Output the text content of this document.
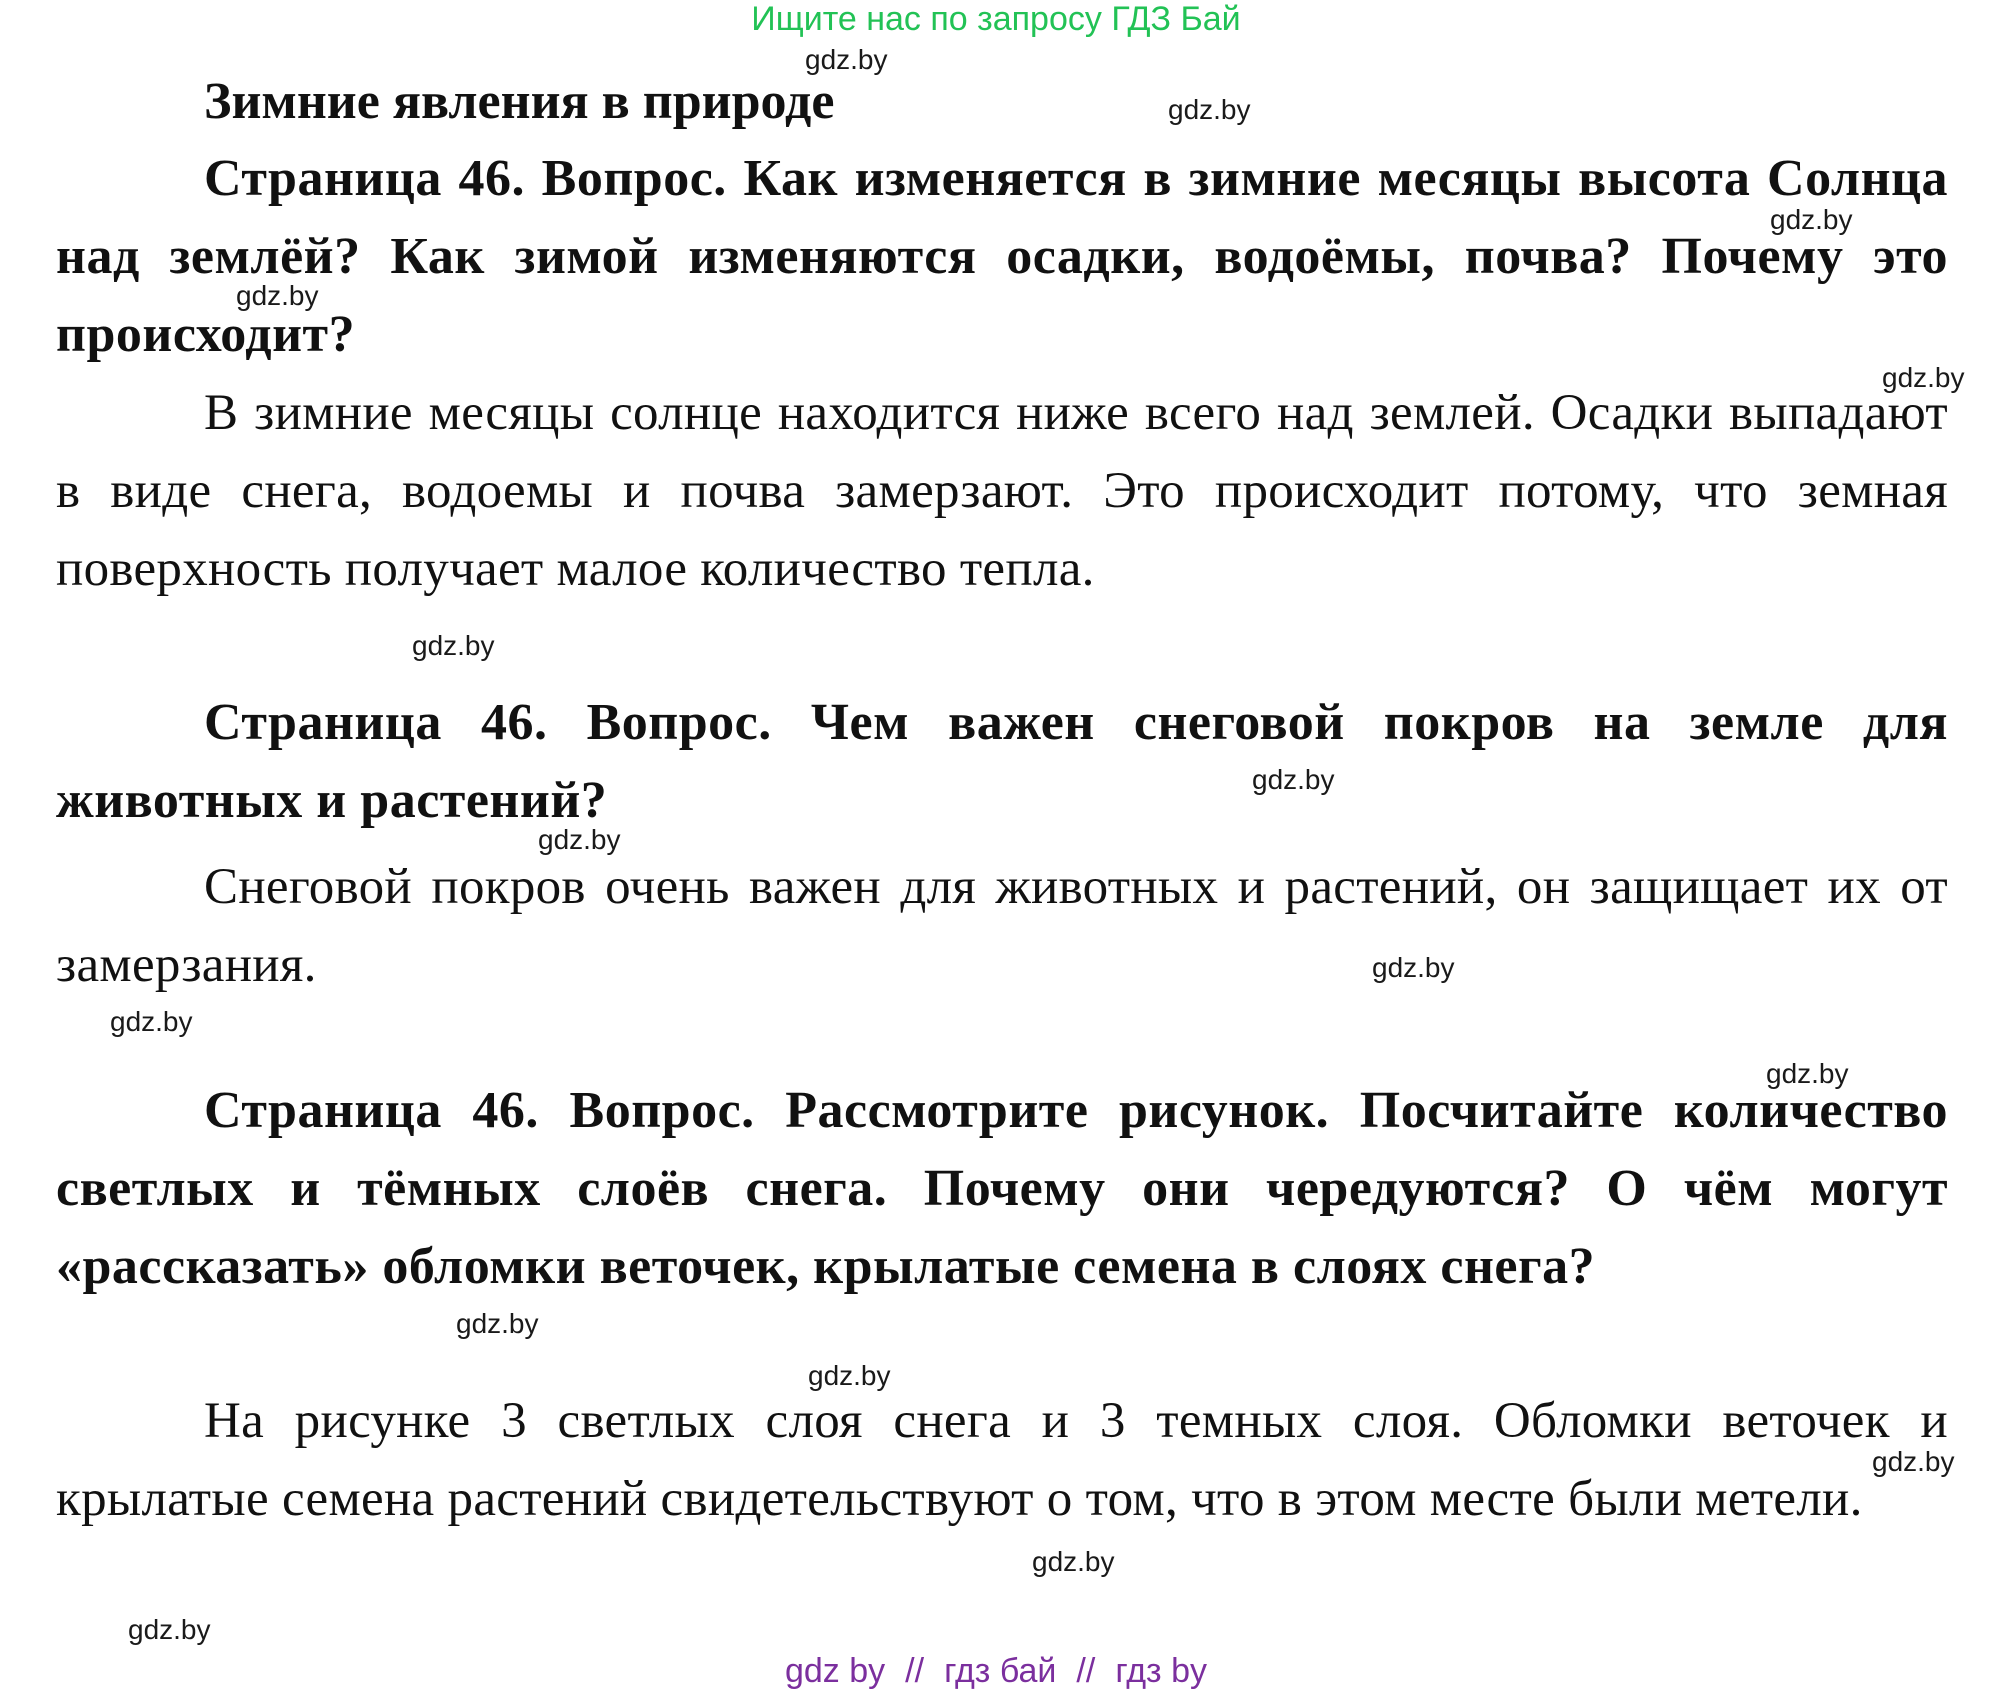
Ищите нас по запросу ГДЗ Бай
Зимние явления в природе
Страница 46. Вопрос. Как изменяется в зимние месяцы высота Солнца над землёй? Как зимой изменяются осадки, водоёмы, почва? Почему это происходит?
В зимние месяцы солнце находится ниже всего над землей. Осадки выпадают в виде снега, водоемы и почва замерзают. Это происходит потому, что земная поверхность получает малое количество тепла.
Страница 46. Вопрос. Чем важен снеговой покров на земле для животных и растений?
Снеговой покров очень важен для животных и растений, он защищает их от замерзания.
Страница 46. Вопрос. Рассмотрите рисунок. Посчитайте количество светлых и тёмных слоёв снега. Почему они чередуются? О чём могут «рассказать» обломки веточек, крылатые семена в слоях снега?
На рисунке 3 светлых слоя снега и 3 темных слоя. Обломки веточек и крылатые семена растений свидетельствуют о том, что в этом месте были метели.
gdz.by
gdz.by
gdz.by
gdz.by
gdz.by
gdz.by
gdz.by
gdz.by
gdz.by
gdz.by
gdz.by
gdz.by
gdz.by
gdz.by
gdz.by
gdz.by
gdz by // гдз бай // гдз by
